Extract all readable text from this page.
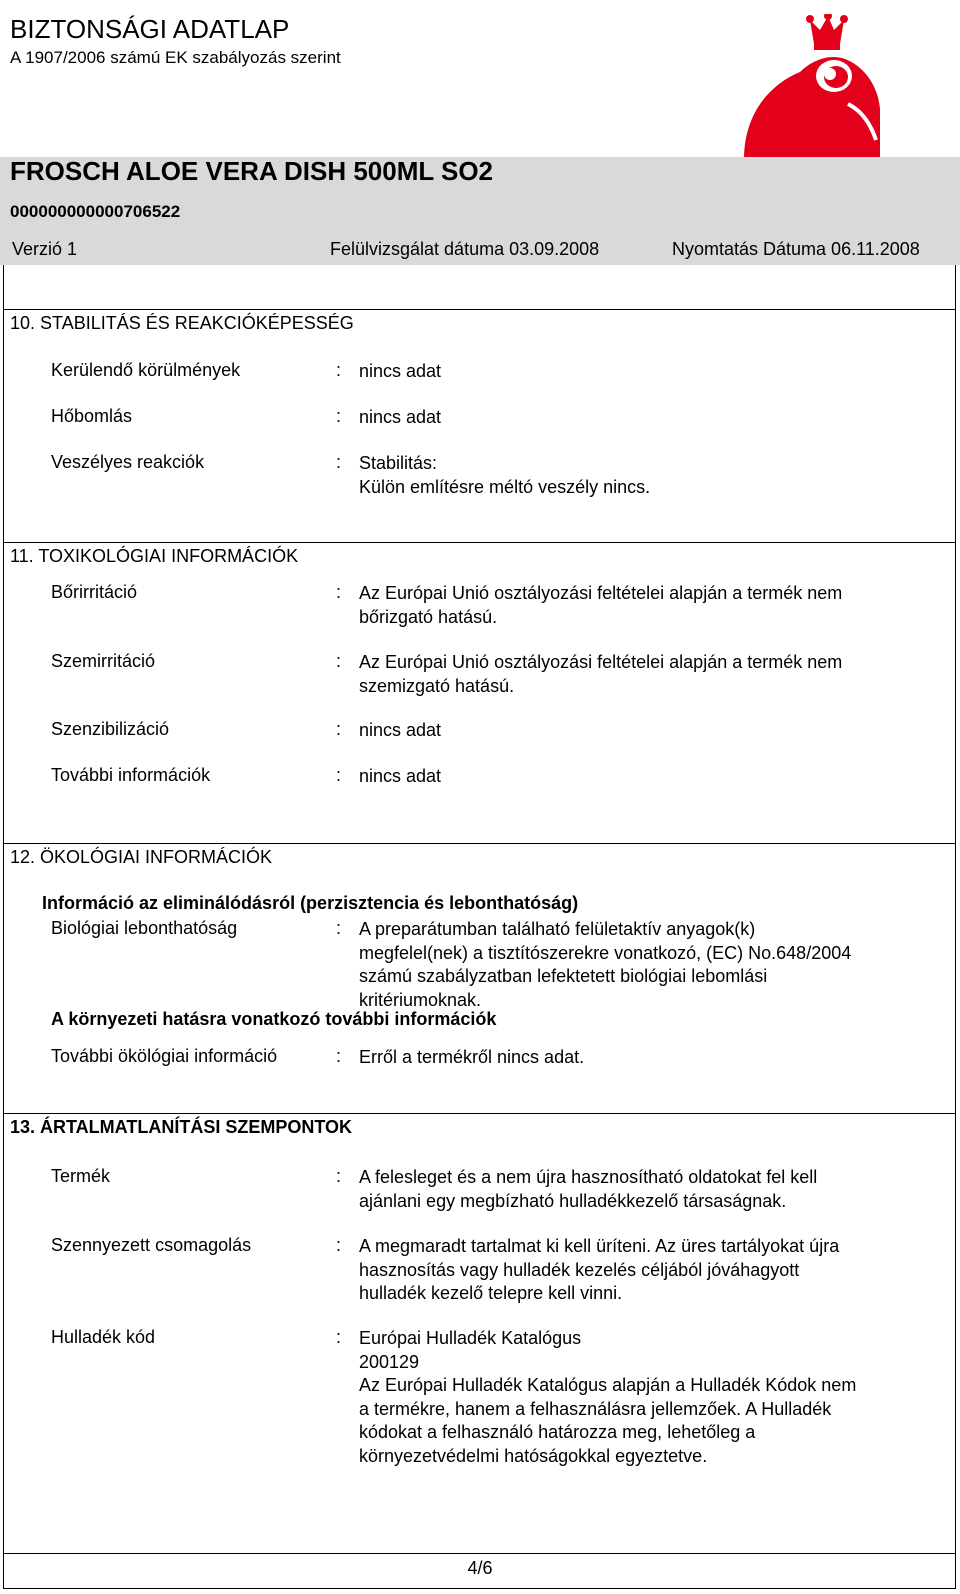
BIZTONSÁGI ADATLAP
A 1907/2006 számú EK szabályozás szerint
FROSCH ALOE VERA DISH 500ML SO2
000000000000706522
Verzió 1	Felülvizsgálat dátuma 03.09.2008	Nyomtatás Dátuma 06.11.2008
10. STABILITÁS ÉS REAKCIÓKÉPESSÉG
Kerülendő körülmények	: nincs adat
Hőbomlás	: nincs adat
Veszélyes reakciók	: Stabilitás:
Külön említésre méltó veszély nincs.
11. TOXIKOLÓGIAI INFORMÁCIÓK
Bőrirritáció	: Az Európai Unió osztályozási feltételei alapján a termék nem
bőrizgató hatású.
Szemirritáció	: Az Európai Unió osztályozási feltételei alapján a termék nem
szemizgató hatású.
Szenzibilizáció	: nincs adat
További információk	: nincs adat
12. ÖKOLÓGIAI INFORMÁCIÓK
Információ az eliminálódásról (perzisztencia és lebonthatóság)
Biológiai lebonthatóság	: A preparátumban található felületaktív anyagok(k)
megfelel(nek) a tisztítószerekre vonatkozó, (EC) No.648/2004
számú szabályzatban lefektetett biológiai lebomlási
kritériumoknak.
A környezeti hatásra vonatkozó további információk
További ökölógiai információ	: Erről a termékről nincs adat.
13. ÁRTALMATLANÍTÁSI SZEMPONTOK
Termék	: A felesleget és a nem újra hasznosítható oldatokat fel kell
ajánlani egy megbízható hulladékkezelő társaságnak.
Szennyezett csomagolás	: A megmaradt tartalmat ki kell üríteni. Az üres tartályokat újra
hasznosítás vagy hulladék kezelés céljából jóváhagyott
hulladék kezelő telepre kell vinni.
Hulladék kód	: Európai Hulladék Katalógus
200129
Az Európai Hulladék Katalógus alapján a Hulladék Kódok nem
a termékre, hanem a felhasználásra jellemzőek. A Hulladék
kódokat a felhasználó határozza meg, lehetőleg a
környezetvédelmi hatóságokkal egyeztetve.
4/6
